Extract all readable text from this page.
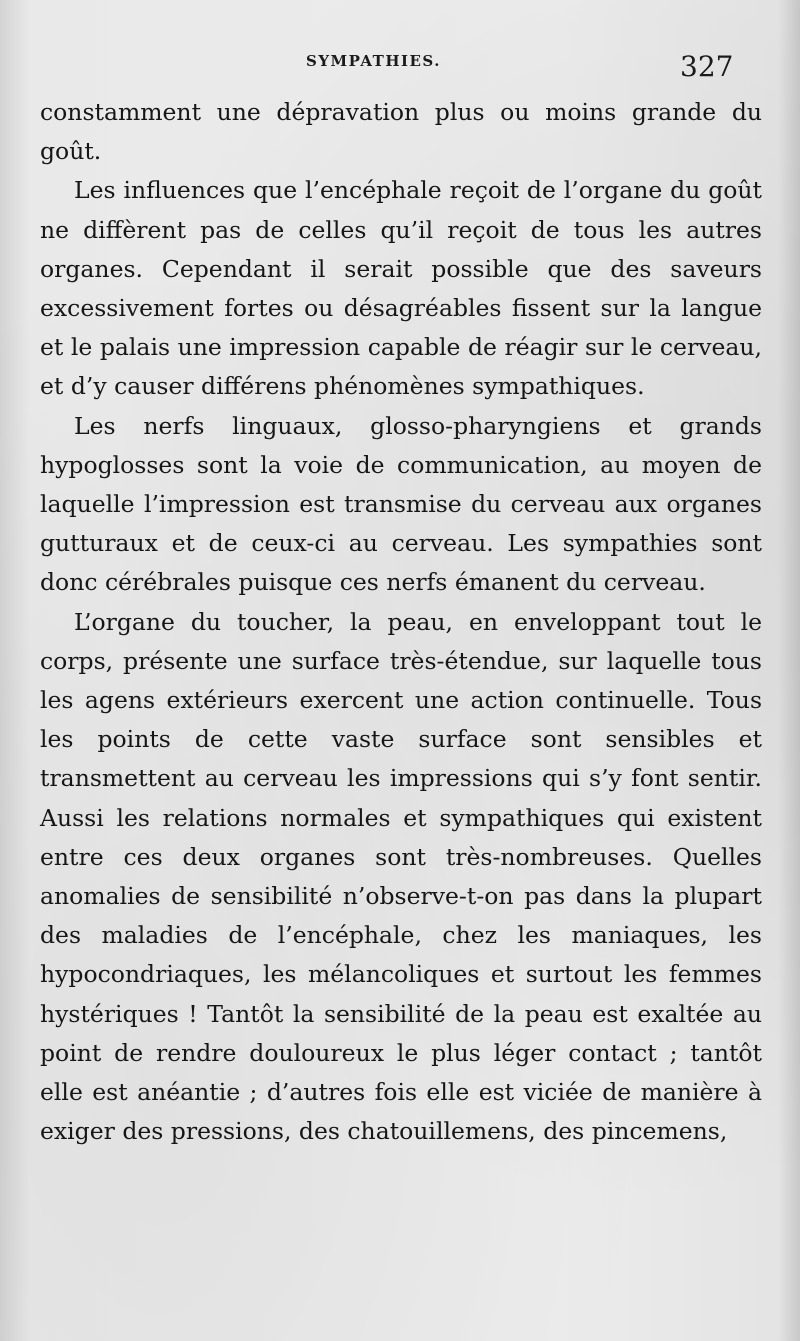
SYMPATHIES.	327

constamment une dépravation plus ou moins grande du goût.

Les influences que l’encéphale reçoit de l’organe du goût ne diffèrent pas de celles qu’il reçoit de tous les autres organes. Cependant il serait possible que des saveurs excessivement fortes ou désagréables fissent sur la langue et le palais une impression capable de réagir sur le cerveau, et d’y causer différens phénomènes sympathiques.

Les nerfs linguaux, glosso-pharyngiens et grands hypoglosses sont la voie de communication, au moyen de laquelle l’impression est transmise du cerveau aux organes gutturaux et de ceux-ci au cerveau. Les sympathies sont donc cérébrales puisque ces nerfs émanent du cerveau.

L’organe du toucher, la peau, en enveloppant tout le corps, présente une surface très-étendue, sur laquelle tous les agens extérieurs exercent une action continuelle. Tous les points de cette vaste surface sont sensibles et transmettent au cerveau les impressions qui s’y font sentir. Aussi les relations normales et sympathiques qui existent entre ces deux organes sont très-nombreuses. Quelles anomalies de sensibilité n’observe-t-on pas dans la plupart des maladies de l’encéphale, chez les maniaques, les hypocondriaques, les mélancoliques et surtout les femmes hystériques ! Tantôt la sensibilité de la peau est exaltée au point de rendre douloureux le plus léger contact ; tantôt elle est anéantie ; d’autres fois elle est viciée de manière à exiger des pressions, des chatouillemens, des pincemens,
